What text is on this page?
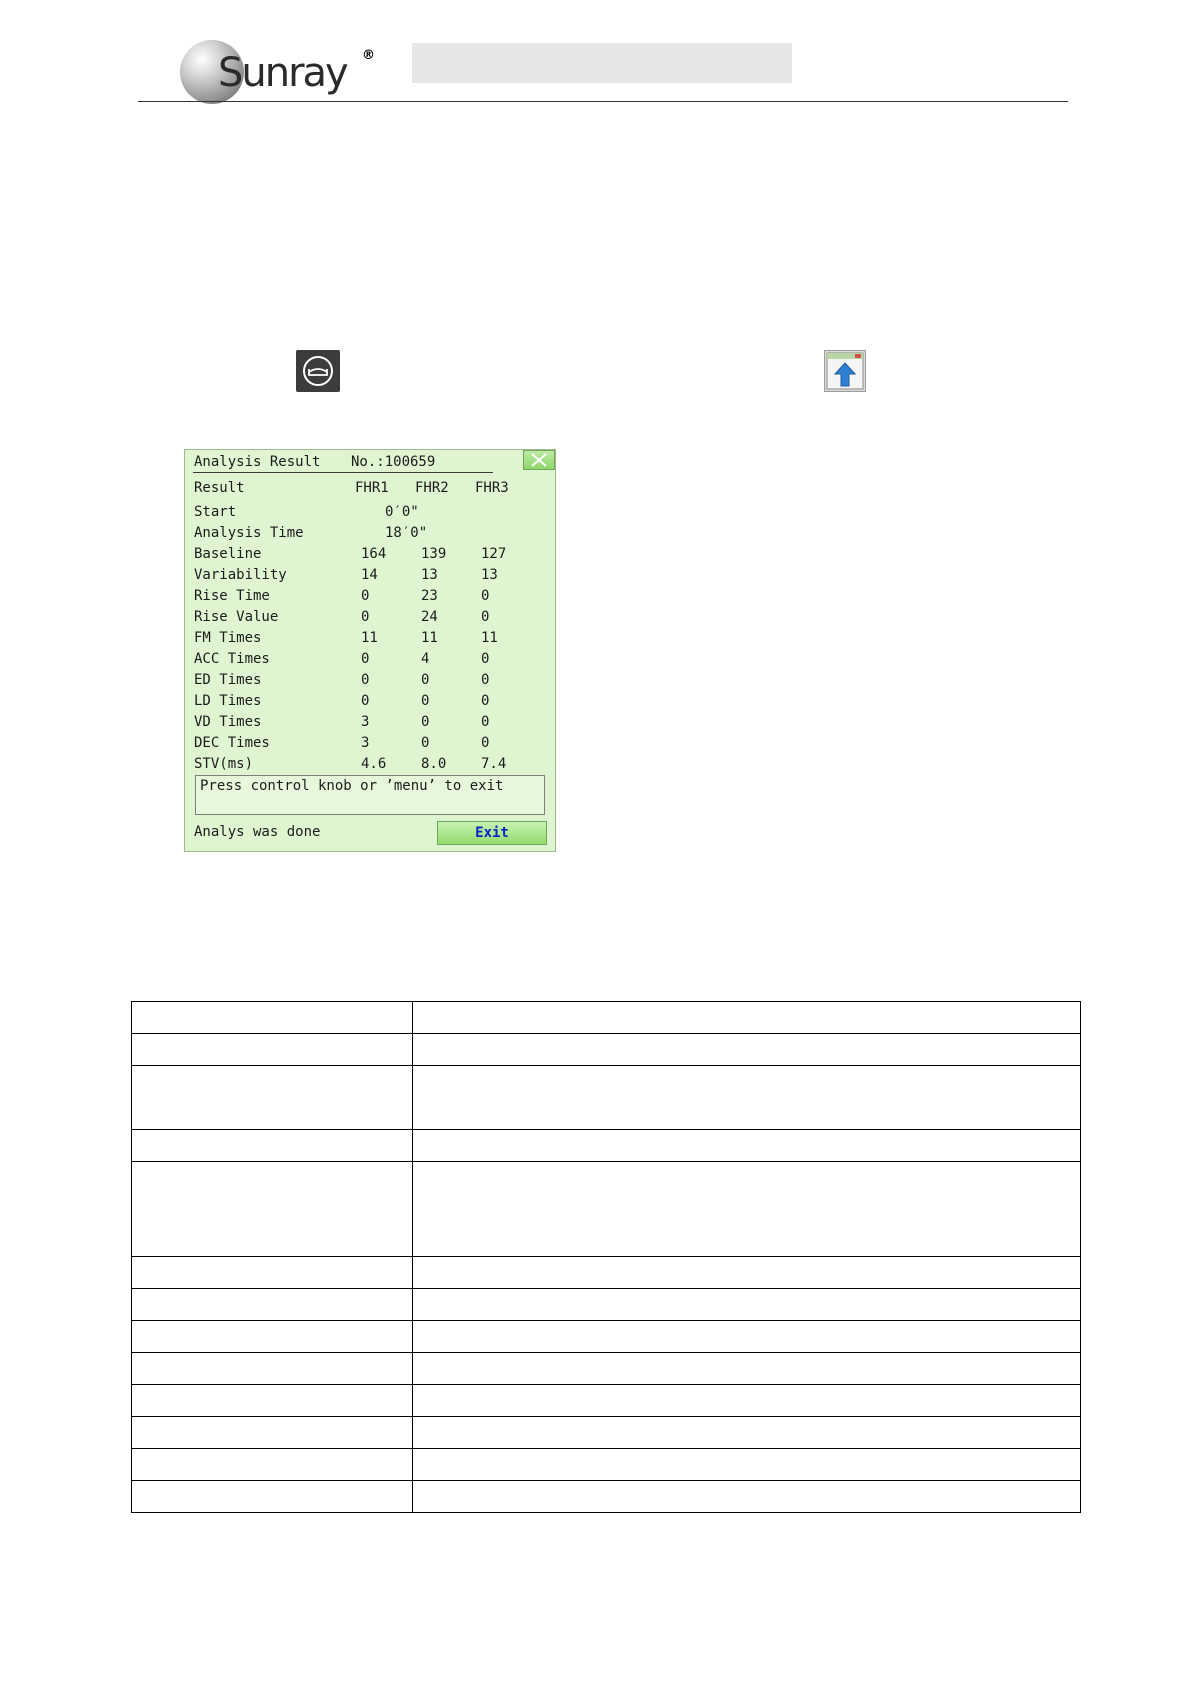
Sunray ®
Analysis Result No.:100659
Result	FHR1 FHR2 FHR3
Start	0′0"
Analysis Time	18′0"
Baseline	164 139 127
Variability	14	13	13
Rise Time	0	23	0
Rise Value	0	24	0
FM Times	11	11	11
ACC Times	0	4	0
ED Times	0	0	0
LD Times	0	0	0
VD Times	3	0	0
DEC Times	3	0	0
STV(ms)	4.6 8.0 7.4
Press control knob or ’menu’ to exit
Analys was done	Exit
